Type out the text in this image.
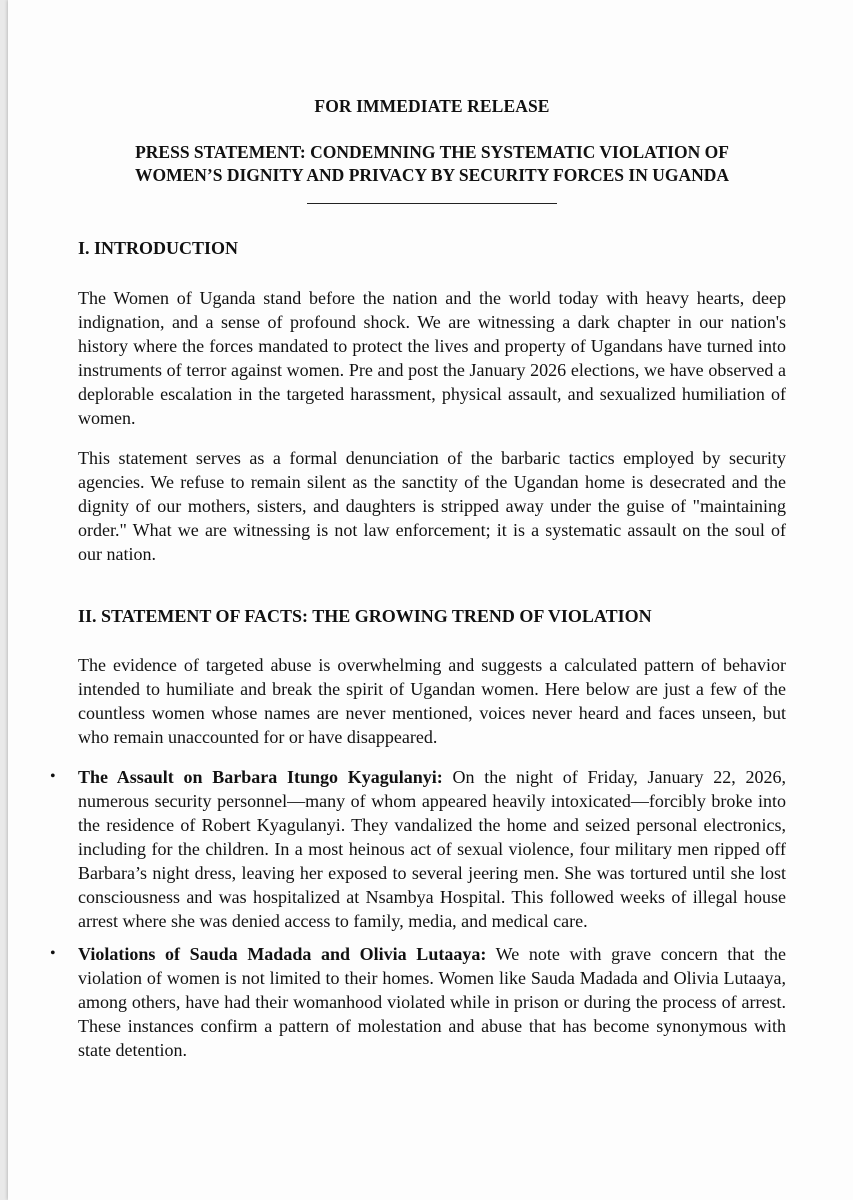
FOR IMMEDIATE RELEASE

PRESS STATEMENT: CONDEMNING THE SYSTEMATIC VIOLATION OF
WOMEN’S DIGNITY AND PRIVACY BY SECURITY FORCES IN UGANDA

I. INTRODUCTION

The Women of Uganda stand before the nation and the world today with heavy hearts, deep indignation, and a sense of profound shock. We are witnessing a dark chapter in our nation's history where the forces mandated to protect the lives and property of Ugandans have turned into instruments of terror against women. Pre and post the January 2026 elections, we have observed a deplorable escalation in the targeted harassment, physical assault, and sexualized humiliation of women.

This statement serves as a formal denunciation of the barbaric tactics employed by security agencies. We refuse to remain silent as the sanctity of the Ugandan home is desecrated and the dignity of our mothers, sisters, and daughters is stripped away under the guise of "maintaining order." What we are witnessing is not law enforcement; it is a systematic assault on the soul of our nation.

II. STATEMENT OF FACTS: THE GROWING TREND OF VIOLATION

The evidence of targeted abuse is overwhelming and suggests a calculated pattern of behavior intended to humiliate and break the spirit of Ugandan women. Here below are just a few of the countless women whose names are never mentioned, voices never heard and faces unseen, but who remain unaccounted for or have disappeared.

• The Assault on Barbara Itungo Kyagulanyi: On the night of Friday, January 22, 2026, numerous security personnel—many of whom appeared heavily intoxicated—forcibly broke into the residence of Robert Kyagulanyi. They vandalized the home and seized personal electronics, including for the children. In a most heinous act of sexual violence, four military men ripped off Barbara’s night dress, leaving her exposed to several jeering men. She was tortured until she lost consciousness and was hospitalized at Nsambya Hospital. This followed weeks of illegal house arrest where she was denied access to family, media, and medical care.
• Violations of Sauda Madada and Olivia Lutaaya: We note with grave concern that the violation of women is not limited to their homes. Women like Sauda Madada and Olivia Lutaaya, among others, have had their womanhood violated while in prison or during the process of arrest. These instances confirm a pattern of molestation and abuse that has become synonymous with state detention.
